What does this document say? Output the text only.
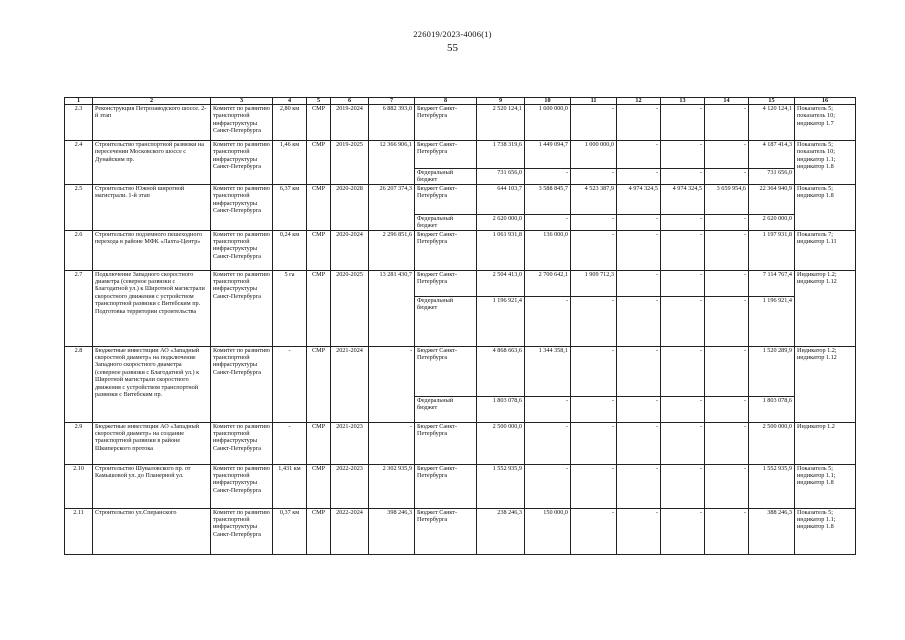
226019/2023-4006(1)
55
1	2	3	4	5	6	7	8	9	10	11	12	13	14	15	16
2.3	Реконструкция Петрозаводского шоссе. 2-й этап	Комитет по развитию транспортной инфраструктуры Санкт-Петербурга	2,80 км	СМР	2019-2024	6 882 393,0	Бюджет Санкт-Петербурга	2 520 124,1	1 600 000,0	-	-	-	-	4 120 124,1	Показатель 5; показатель 10; индикатор 1.7
2.4	Строительство транспортной развязки на пересечении Московского шоссе с Дунайским пр.	Комитет по развитию транспортной инфраструктуры Санкт-Петербурга	1,46 км	СМР	2019-2025	12 366 906,1	Бюджет Санкт-Петербурга	1 738 319,6	1 449 094,7	1 000 000,0	-	-	-	4 187 414,3	Показатель 5; показатель 10; индикатор 1.1; индикатор 1.8
							Федеральный бюджет	731 656,0	-	-	-	-	-	731 656,0	
2.5	Строительство Южной широтной магистрали. 1-й этап	Комитет по развитию транспортной инфраструктуры Санкт-Петербурга	6,37 км	СМР	2020-2028	26 207 374,3	Бюджет Санкт-Петербурга	644 103,7	3 588 845,7	4 523 387,9	4 974 324,5	4 974 324,5	3 659 954,6	22 364 940,9	Показатель 5; индикатор 1.8
							Федеральный бюджет	2 620 000,0	-	-	-	-	-	2 620 000,0	
2.6	Строительство подземного пешеходного перехода в районе МФК «Лахта-Центр»	Комитет по развитию транспортной инфраструктуры Санкт-Петербурга	0,24 км	СМР	2020-2024	2 296 851,6	Бюджет Санкт-Петербурга	1 061 931,8	136 000,0	-	-	-	-	1 197 931,8	Показатель 7; индикатор 1.11
2.7	Подключение Западного скоростного диаметра (северное развязки с Благодатной ул.) к Широтной магистрали скоростного движения с устройством транспортной развязки с Витебским пр. Подготовка территории строительства	Комитет по развитию транспортной инфраструктуры Санкт-Петербурга	5 га	СМР	2020-2025	13 281 430,7	Бюджет Санкт-Петербурга	2 504 413,0	2 700 642,1	1 909 712,3	-	-	-	7 114 767,4	Индикатор 1.2; индикатор 1.12
							Федеральный бюджет	1 196 921,4	-	-	-	-	-	1 196 921,4	
2.8	Бюджетные инвестиции АО «Западный скоростной диаметр» на подключение Западного скоростного диаметра (северное развязки с Благодатной ул.) к Широтной магистрали скоростного движения с устройством транспортной развязки с Витебским пр.	Комитет по развитию транспортной инфраструктуры Санкт-Петербурга	-	СМР	2021-2024	-	Бюджет Санкт-Петербурга	4 868 663,6	1 344 358,1	-	-	-	-	1 520 289,9	Индикатор 1.2; индикатор 1.12
							Федеральный бюджет	1 803 078,6	-	-	-	-	-	1 803 078,6	
2.9	Бюджетные инвестиции АО «Западный скоростной диаметр» на создание транспортной развязки в районе Шкиперского протока	Комитет по развитию транспортной инфраструктуры Санкт-Петербурга	-	СМР	2021-2023	-	Бюджет Санкт-Петербурга	2 500 000,0	-	-	-	-	-	2 500 000,0	Индикатор 1.2
2.10	Строительство Шуваловского пр. от Камышовой ул. до Планерной ул.	Комитет по развитию транспортной инфраструктуры Санкт-Петербурга	1,431 км	СМР	2022-2023	2 302 935,9	Бюджет Санкт-Петербурга	1 552 935,9	-	-	-	-	-	1 552 935,9	Показатель 5; индикатор 1.1; индикатор 1.8
2.11	Строительство ул.Сперанского	Комитет по развитию транспортной инфраструктуры Санкт-Петербурга	0,37 км	СМР	2022-2024	398 246,3	Бюджет Санкт-Петербурга	238 246,3	150 000,0	-	-	-	-	388 246,3	Показатель 5; индикатор 1.1; индикатор 1.8
